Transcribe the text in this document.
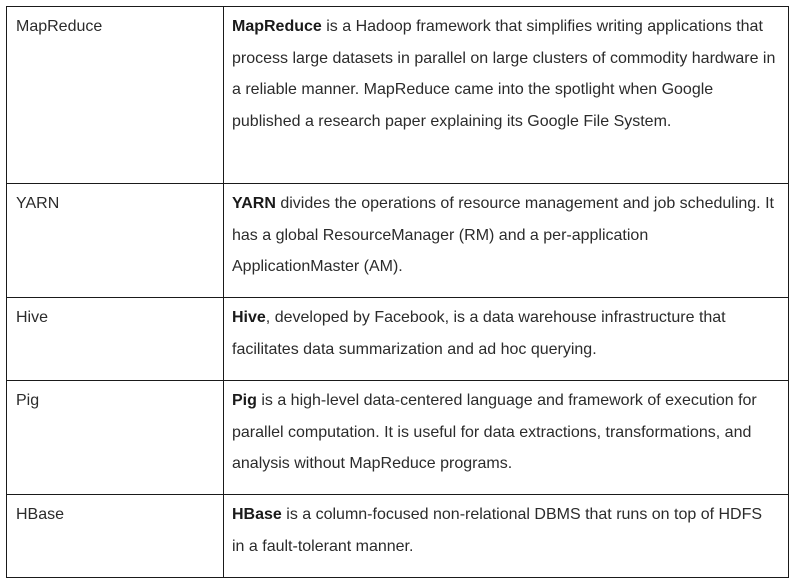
MapReduce	MapReduce is a Hadoop framework that simplifies writing applications that process large datasets in parallel on large clusters of commodity hardware in a reliable manner. MapReduce came into the spotlight when Google published a research paper explaining its Google File System.
YARN	YARN divides the operations of resource management and job scheduling. It has a global ResourceManager (RM) and a per-application ApplicationMaster (AM).
Hive	Hive, developed by Facebook, is a data warehouse infrastructure that facilitates data summarization and ad hoc querying.
Pig	Pig is a high-level data-centered language and framework of execution for parallel computation. It is useful for data extractions, transformations, and analysis without MapReduce programs.
HBase	HBase is a column-focused non-relational DBMS that runs on top of HDFS in a fault-tolerant manner.
